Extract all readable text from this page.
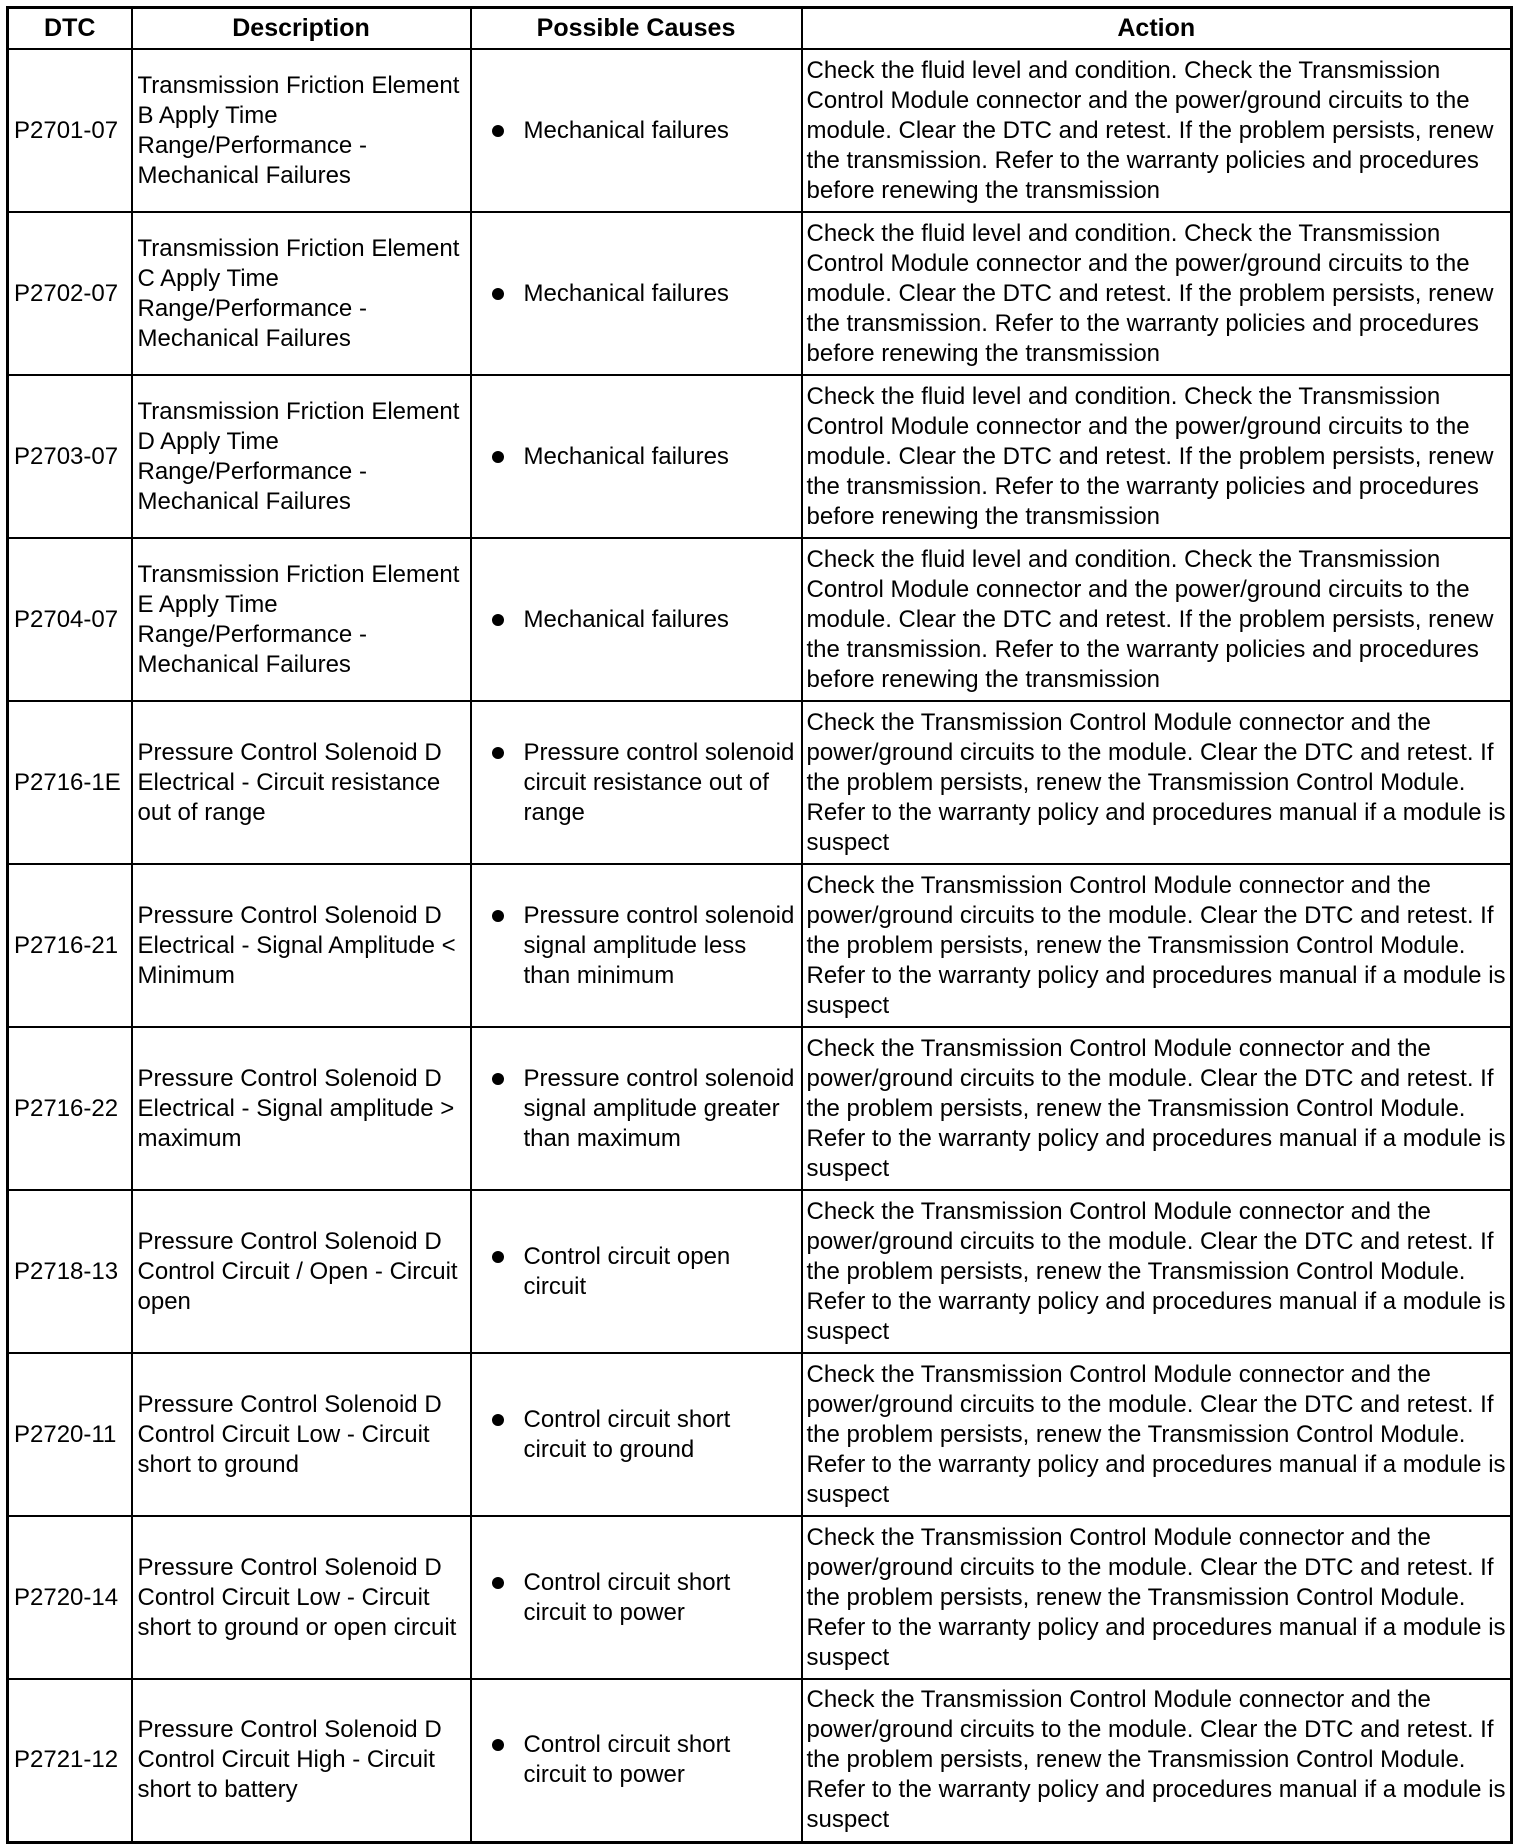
DTC	Description	Possible Causes	Action
P2701-07	Transmission Friction Element B Apply Time Range/Performance - Mechanical Failures	Mechanical failures	Check the fluid level and condition. Check the Transmission Control Module connector and the power/ground circuits to the module. Clear the DTC and retest. If the problem persists, renew the transmission. Refer to the warranty policies and procedures before renewing the transmission
P2702-07	Transmission Friction Element C Apply Time Range/Performance - Mechanical Failures	Mechanical failures	Check the fluid level and condition. Check the Transmission Control Module connector and the power/ground circuits to the module. Clear the DTC and retest. If the problem persists, renew the transmission. Refer to the warranty policies and procedures before renewing the transmission
P2703-07	Transmission Friction Element D Apply Time Range/Performance - Mechanical Failures	Mechanical failures	Check the fluid level and condition. Check the Transmission Control Module connector and the power/ground circuits to the module. Clear the DTC and retest. If the problem persists, renew the transmission. Refer to the warranty policies and procedures before renewing the transmission
P2704-07	Transmission Friction Element E Apply Time Range/Performance - Mechanical Failures	Mechanical failures	Check the fluid level and condition. Check the Transmission Control Module connector and the power/ground circuits to the module. Clear the DTC and retest. If the problem persists, renew the transmission. Refer to the warranty policies and procedures before renewing the transmission
P2716-1E	Pressure Control Solenoid D Electrical - Circuit resistance out of range	Pressure control solenoid circuit resistance out of range	Check the Transmission Control Module connector and the power/ground circuits to the module. Clear the DTC and retest. If the problem persists, renew the Transmission Control Module. Refer to the warranty policy and procedures manual if a module is suspect
P2716-21	Pressure Control Solenoid D Electrical - Signal Amplitude < Minimum	Pressure control solenoid signal amplitude less than minimum	Check the Transmission Control Module connector and the power/ground circuits to the module. Clear the DTC and retest. If the problem persists, renew the Transmission Control Module. Refer to the warranty policy and procedures manual if a module is suspect
P2716-22	Pressure Control Solenoid D Electrical - Signal amplitude > maximum	Pressure control solenoid signal amplitude greater than maximum	Check the Transmission Control Module connector and the power/ground circuits to the module. Clear the DTC and retest. If the problem persists, renew the Transmission Control Module. Refer to the warranty policy and procedures manual if a module is suspect
P2718-13	Pressure Control Solenoid D Control Circuit / Open - Circuit open	Control circuit open circuit	Check the Transmission Control Module connector and the power/ground circuits to the module. Clear the DTC and retest. If the problem persists, renew the Transmission Control Module. Refer to the warranty policy and procedures manual if a module is suspect
P2720-11	Pressure Control Solenoid D Control Circuit Low - Circuit short to ground	Control circuit short circuit to ground	Check the Transmission Control Module connector and the power/ground circuits to the module. Clear the DTC and retest. If the problem persists, renew the Transmission Control Module. Refer to the warranty policy and procedures manual if a module is suspect
P2720-14	Pressure Control Solenoid D Control Circuit Low - Circuit short to ground or open circuit	Control circuit short circuit to power	Check the Transmission Control Module connector and the power/ground circuits to the module. Clear the DTC and retest. If the problem persists, renew the Transmission Control Module. Refer to the warranty policy and procedures manual if a module is suspect
P2721-12	Pressure Control Solenoid D Control Circuit High - Circuit short to battery	Control circuit short circuit to power	Check the Transmission Control Module connector and the power/ground circuits to the module. Clear the DTC and retest. If the problem persists, renew the Transmission Control Module. Refer to the warranty policy and procedures manual if a module is suspect
